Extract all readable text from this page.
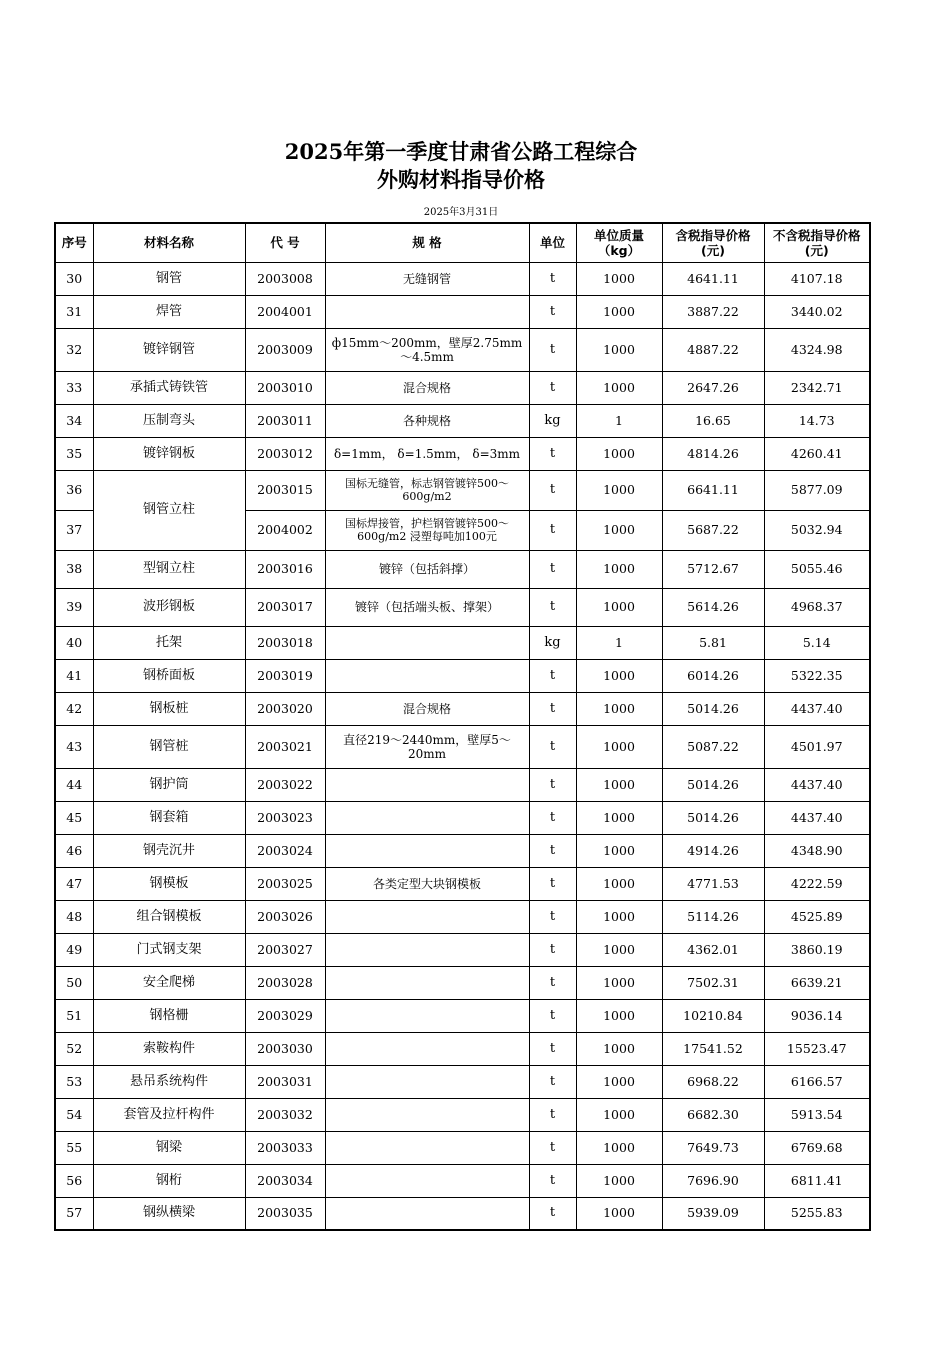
2025年第一季度甘肃省公路工程综合
外购材料指导价格
2025年3月31日
序号	材料名称	代 号	规 格	单位	单位质量（kg）	含税指导价格(元)	不含税指导价格(元)
30	钢管	2003008	无缝钢管	t	1000	4641.11	4107.18
31	焊管	2004001		t	1000	3887.22	3440.02
32	镀锌钢管	2003009	ф15mm～200mm，壁厚2.75mm～4.5mm	t	1000	4887.22	4324.98
33	承插式铸铁管	2003010	混合规格	t	1000	2647.26	2342.71
34	压制弯头	2003011	各种规格	kg	1	16.65	14.73
35	镀锌钢板	2003012	δ=1mm， δ=1.5mm， δ=3mm	t	1000	4814.26	4260.41
36	钢管立柱	2003015	国标无缝管，标志钢管镀锌500～600g/m2	t	1000	6641.11	5877.09
37		2004002	国标焊接管，护栏钢管镀锌500～600g/m2 浸塑每吨加100元	t	1000	5687.22	5032.94
38	型钢立柱	2003016	镀锌（包括斜撑）	t	1000	5712.67	5055.46
39	波形钢板	2003017	镀锌（包括端头板、撑架）	t	1000	5614.26	4968.37
40	托架	2003018		kg	1	5.81	5.14
41	钢桥面板	2003019		t	1000	6014.26	5322.35
42	钢板桩	2003020	混合规格	t	1000	5014.26	4437.40
43	钢管桩	2003021	直径219～2440mm，壁厚5～20mm	t	1000	5087.22	4501.97
44	钢护筒	2003022		t	1000	5014.26	4437.40
45	钢套箱	2003023		t	1000	5014.26	4437.40
46	钢壳沉井	2003024		t	1000	4914.26	4348.90
47	钢模板	2003025	各类定型大块钢模板	t	1000	4771.53	4222.59
48	组合钢模板	2003026		t	1000	5114.26	4525.89
49	门式钢支架	2003027		t	1000	4362.01	3860.19
50	安全爬梯	2003028		t	1000	7502.31	6639.21
51	钢格栅	2003029		t	1000	10210.84	9036.14
52	索鞍构件	2003030		t	1000	17541.52	15523.47
53	悬吊系统构件	2003031		t	1000	6968.22	6166.57
54	套管及拉杆构件	2003032		t	1000	6682.30	5913.54
55	钢梁	2003033		t	1000	7649.73	6769.68
56	钢桁	2003034		t	1000	7696.90	6811.41
57	钢纵横梁	2003035		t	1000	5939.09	5255.83
